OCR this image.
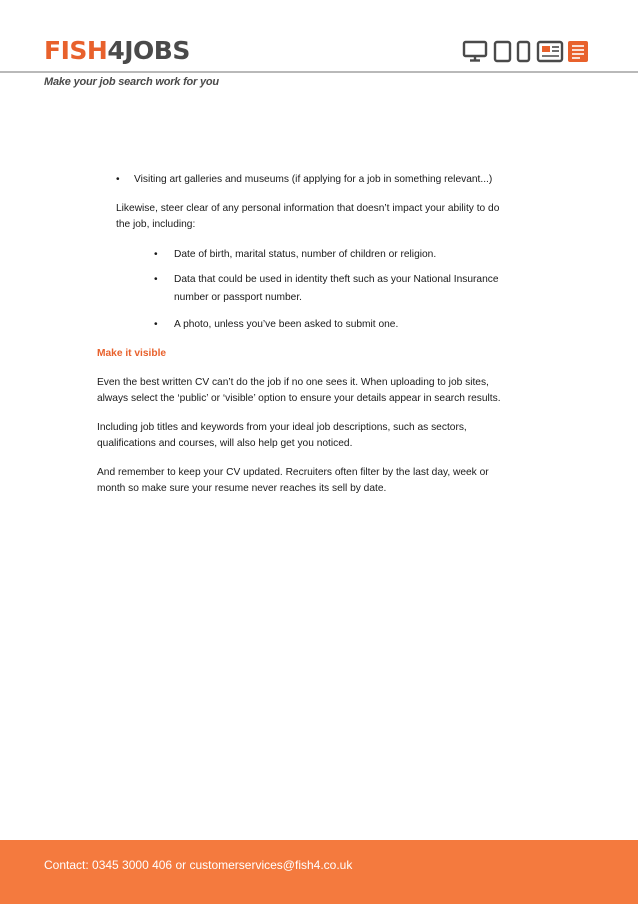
FISH4JOBS
Make your job search work for you
• Visiting art galleries and museums (if applying for a job in something relevant...)
Likewise, steer clear of any personal information that doesn’t impact your ability to do
the job, including:
• Date of birth, marital status, number of children or religion.
• Data that could be used in identity theft such as your National Insurance
number or passport number.
• A photo, unless you’ve been asked to submit one.
Make it visible
Even the best written CV can’t do the job if no one sees it. When uploading to job sites,
always select the ‘public’ or ‘visible’ option to ensure your details appear in search results.
Including job titles and keywords from your ideal job descriptions, such as sectors,
qualifications and courses, will also help get you noticed.
And remember to keep your CV updated. Recruiters often filter by the last day, week or
month so make sure your resume never reaches its sell by date.
Contact: 0345 3000 406 or customerservices@fish4.co.uk
